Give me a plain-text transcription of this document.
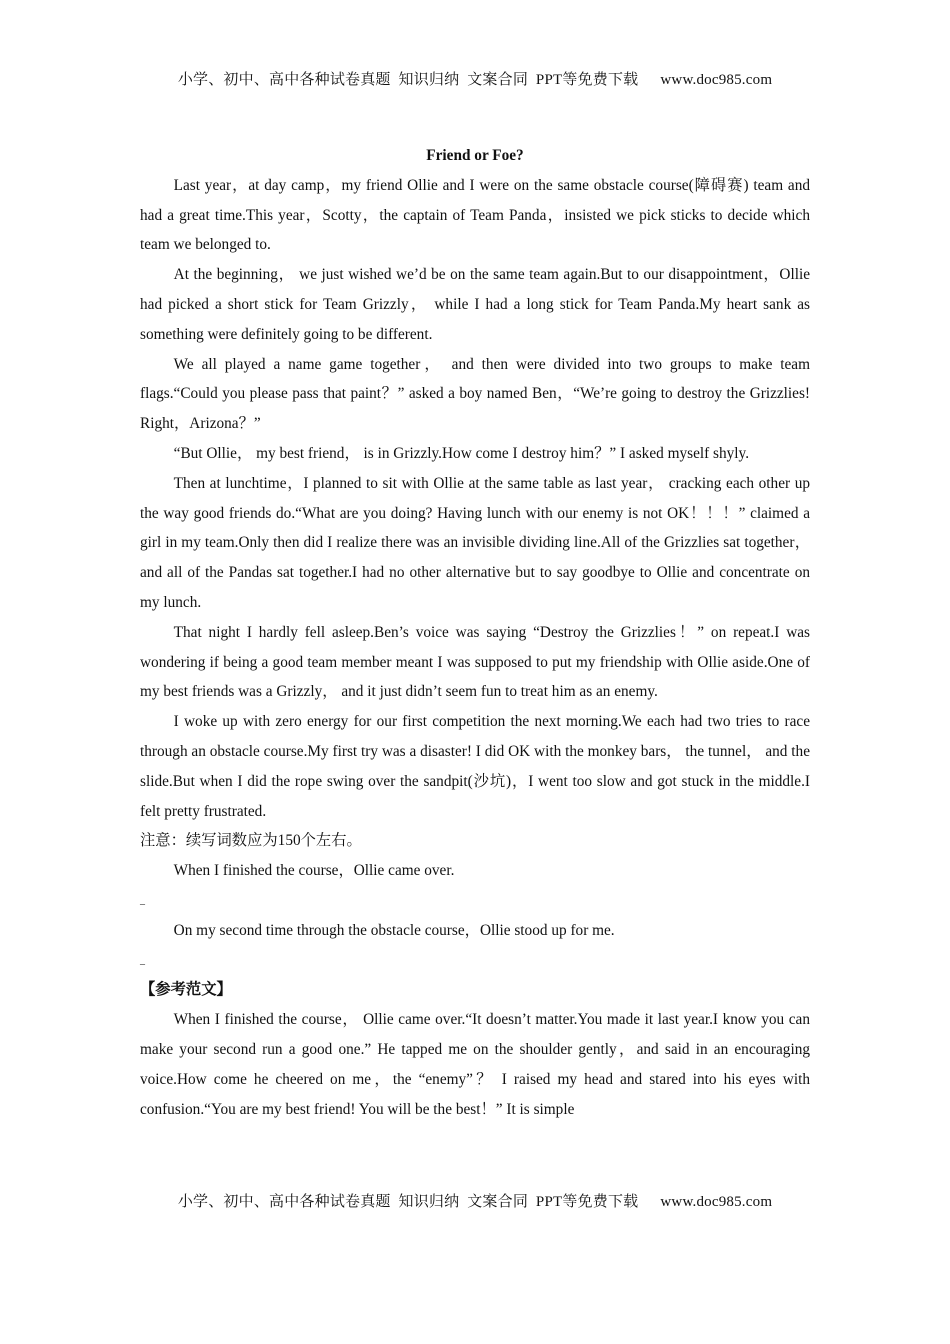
小学、初中、高中各种试卷真题  知识归纳  文案合同  PPT等免费下载 www.doc985.com

Friend or Foe?

Last year，at day camp，my friend Ollie and I were on the same obstacle course(障碍赛) team and had a great time.This year，Scotty，the captain of Team Panda，insisted we pick sticks to decide which team we belonged to.

At the beginning， we just wished we’d be on the same team again.But to our disappointment，Ollie had picked a short stick for Team Grizzly， while I had a long stick for Team Panda.My heart sank as something were definitely going to be different.

We all played a name game together， and then were divided into two groups to make team flags.“Could you please pass that paint？” asked a boy named Ben，“We’re going to destroy the Grizzlies! Right，Arizona？”

“But Ollie， my best friend， is in Grizzly.How come I destroy him？” I asked myself shyly.

Then at lunchtime，I planned to sit with Ollie at the same table as last year， cracking each other up the way good friends do.“What are you doing? Having lunch with our enemy is not OK！！！” claimed a girl in my team.Only then did I realize there was an invisible dividing line.All of the Grizzlies sat together， and all of the Pandas sat together.I had no other alternative but to say goodbye to Ollie and concentrate on my lunch.

That night I hardly fell asleep.Ben’s voice was saying “Destroy the Grizzlies！” on repeat.I was wondering if being a good team member meant I was supposed to put my friendship with Ollie aside.One of my best friends was a Grizzly， and it just didn’t seem fun to treat him as an enemy.

I woke up with zero energy for our first competition the next morning.We each had two tries to race through an obstacle course.My first try was a disaster! I did OK with the monkey bars， the tunnel， and the slide.But when I did the rope swing over the sandpit(沙坑)，I went too slow and got stuck in the middle.I felt pretty frustrated.

注意：续写词数应为150个左右。

When I finished the course，Ollie came over.

_

On my second time through the obstacle course，Ollie stood up for me.

_

【参考范文】

When I finished the course， Ollie came over.“It doesn’t matter.You made it last year.I know you can make your second run a good one.” He tapped me on the shoulder gently，and said in an encouraging voice.How come he cheered on me，the “enemy”？ I raised my head and stared into his eyes with confusion.“You are my best friend! You will be the best！” It is simple

小学、初中、高中各种试卷真题  知识归纳  文案合同  PPT等免费下载 www.doc985.com
